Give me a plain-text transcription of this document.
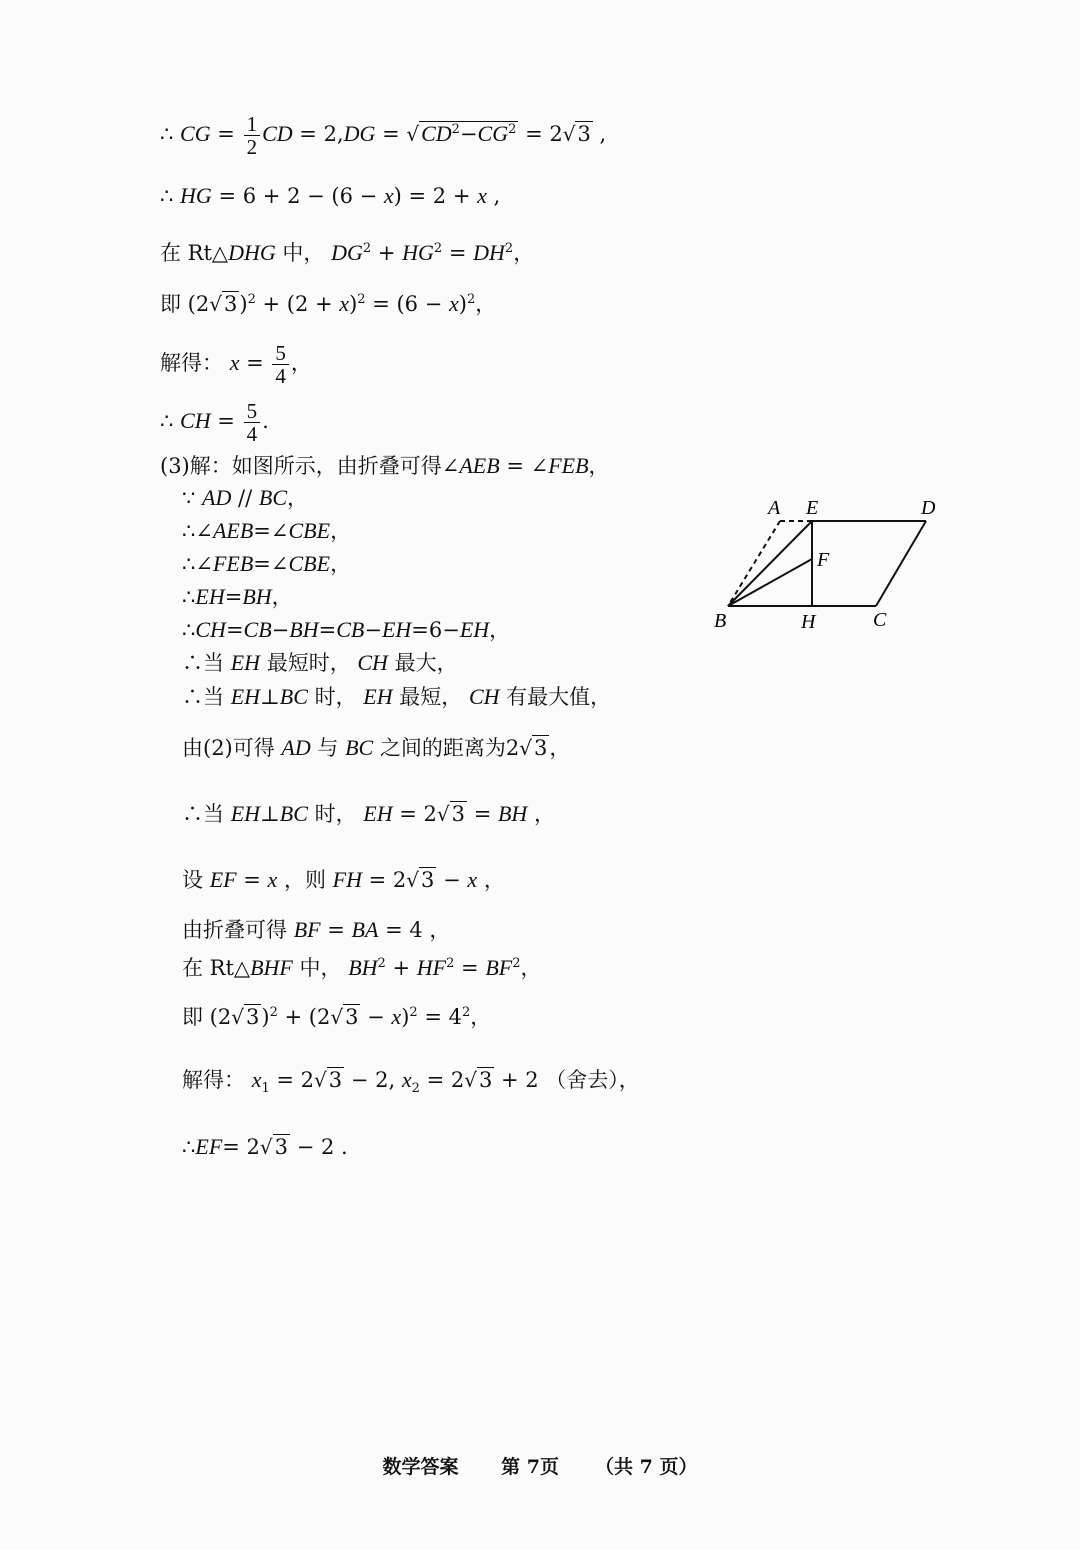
∴ CG = $\frac{1}{2}$ CD = $2,DG = √CD^2-CG^2 = 2√3$ ,
∴ HG = 6 + 2 − (6 − x) = 2 + x ,
在 Rt△DHG 中， $DG^2 + HG^2 = DH^2$，
即 $(2√3)^2 + (2 + x)^2 = (6 - x)^2$，
解得： $x = \frac{5}{4}$ ，
∴ CH = $\frac{5}{4}$ .
(3)解：如图所示，由折叠可得∠AEB = ∠FEB，
∵ AD // BC，
∴∠AEB=∠CBE，
∴∠FEB=∠CBE，
∴EH=BH，
∴CH=CB−BH=CB−EH=6−EH，
∴当 EH 最短时， CH 最大，
∴当 EH⊥BC 时， EH 最短， CH 有最大值，
由(2)可得 AD 与 BC 之间的距离为2√3，
∴当 EH⊥BC 时， EH = 2√3 = BH ，
设 EF = x ，则 FH = 2√3 − x ，
由折叠可得 BF = BA = 4 ，
在 Rt△BHF 中， $BH^2 + HF^2 = BF^2$，
即 $(2√3)^2 + (2√3 - x)^2 = 4^2$，
解得： $x_1 = 2√3 - 2$, $x_2 = 2√3 + 2$ （舍去），
∴EF= 2√3 − 2 .
A E	D
F
B	H	C
数学答案 第 7页 （共 7 页）
